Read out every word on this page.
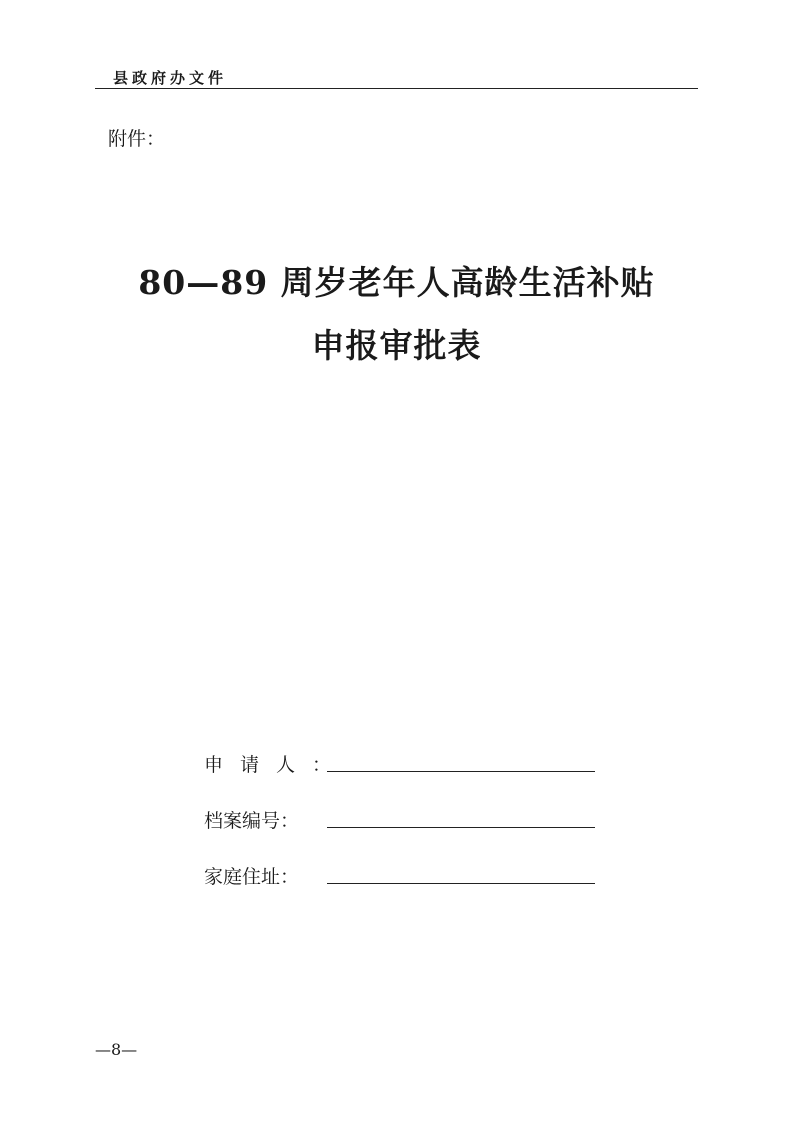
县政府办文件
附件：
80—89 周岁老年人高龄生活补贴
申报审批表
申请人：
档案编号：
家庭住址：
—8—
